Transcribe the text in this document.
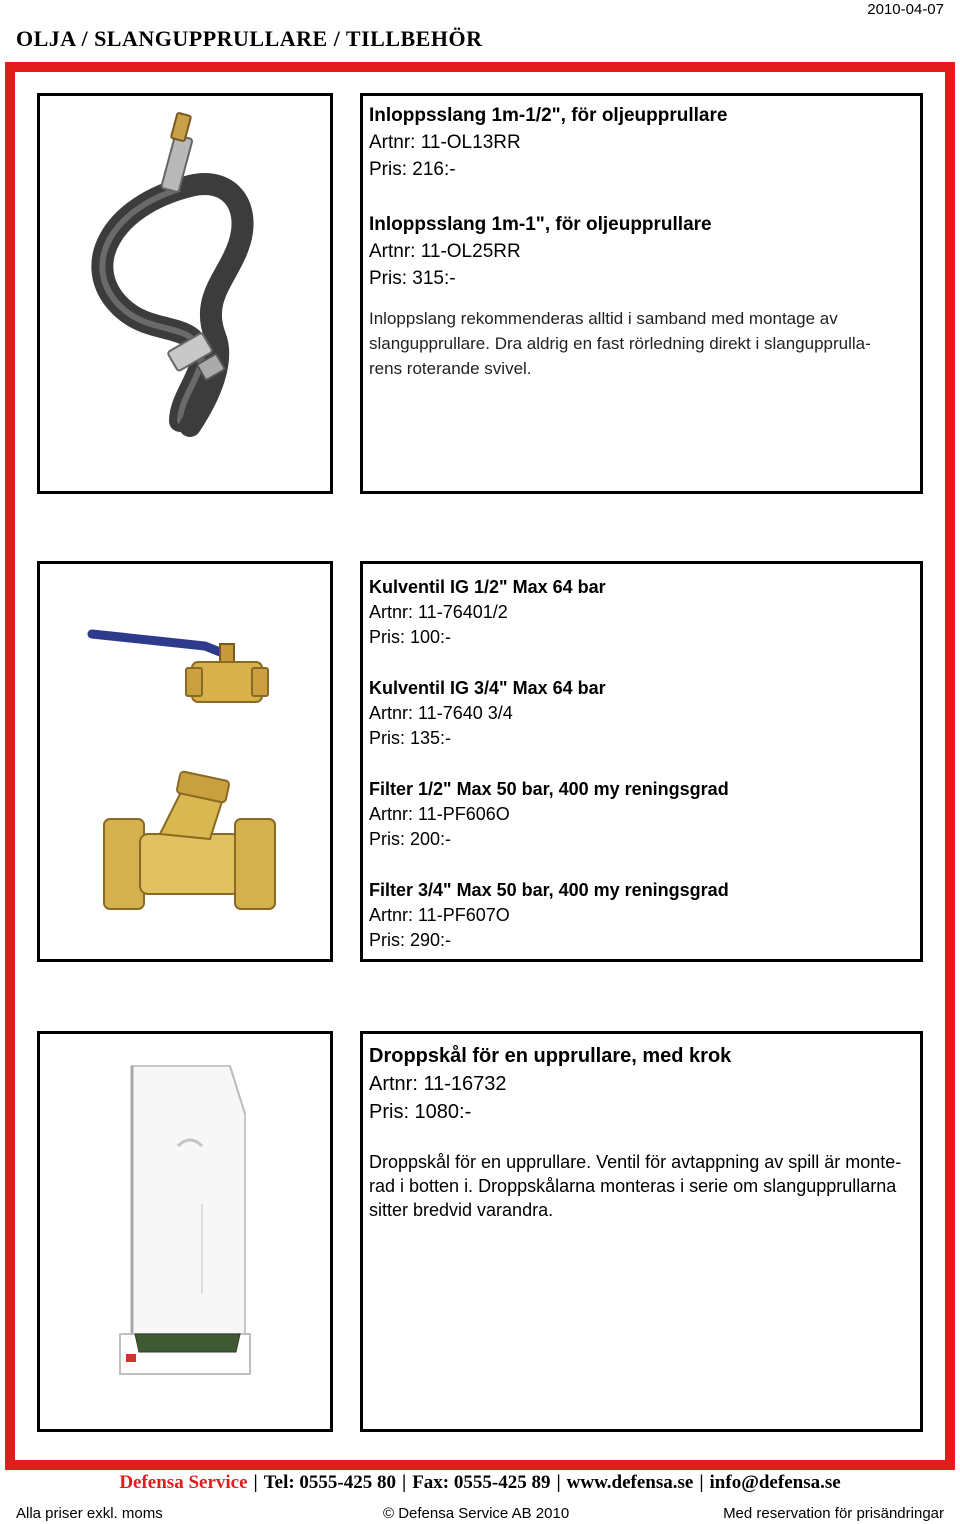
2010-04-07
OLJA / SLANGUPPRULLARE / TILLBEHÖR
Inloppsslang 1m-1/2", för oljeupprullare
Artnr: 11-OL13RR
Pris: 216:-
Inloppsslang 1m-1", för oljeupprullare
Artnr: 11-OL25RR
Pris: 315:-
Inloppslang rekommenderas alltid i samband med montage av
slangupprullare. Dra aldrig en fast rörledning direkt i slangupprulla-
rens roterande svivel.
Kulventil IG 1/2" Max 64 bar
Artnr: 11-76401/2
Pris: 100:-
Kulventil IG 3/4" Max 64 bar
Artnr: 11-7640 3/4
Pris: 135:-
Filter 1/2" Max 50 bar, 400 my reningsgrad
Artnr: 11-PF606O
Pris: 200:-
Filter 3/4" Max 50 bar, 400 my reningsgrad
Artnr: 11-PF607O
Pris: 290:-
Droppskål för en upprullare, med krok
Artnr: 11-16732
Pris: 1080:-
Droppskål för en upprullare. Ventil för avtappning av spill är monte-
rad i botten i. Droppskålarna monteras i serie om slangupprullarna
sitter bredvid varandra.
Defensa Service | Tel: 0555-425 80 | Fax: 0555-425 89 | www.defensa.se | info@defensa.se
Alla priser exkl. moms	© Defensa Service AB 2010	Med reservation för prisändringar
